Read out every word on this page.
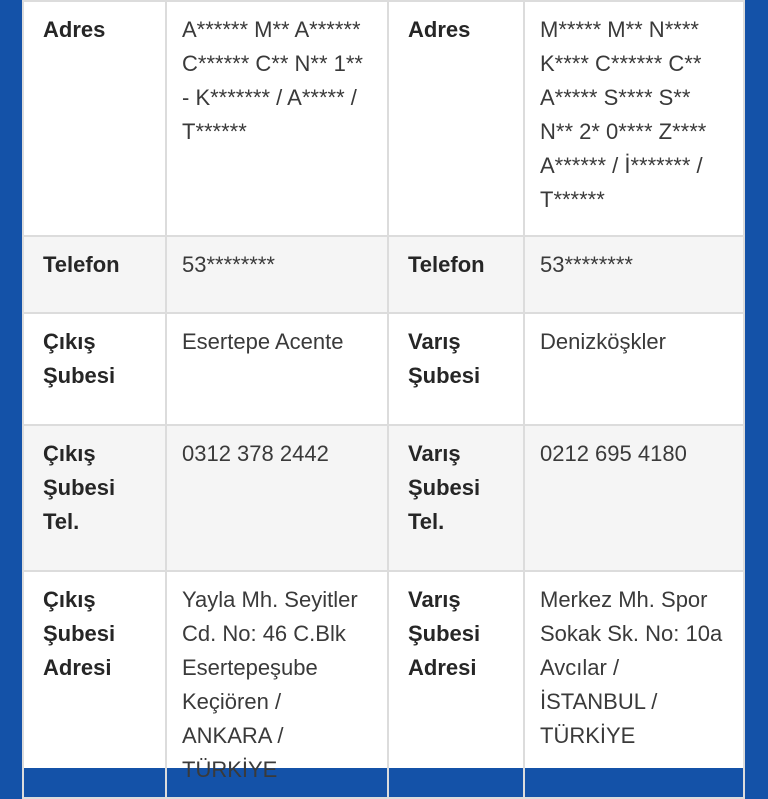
Adres	A****** M** A****** C****** C** N** 1** - K******* / A***** / T******	Adres	M***** M** N**** K**** C****** C** A***** S**** S** N** 2* 0**** Z**** A****** / İ******* / T******
Telefon	53********	Telefon	53********
Çıkış Şubesi	Esertepe Acente	Varış Şubesi	Denizköşkler
Çıkış Şubesi Tel.	0312 378 2442	Varış Şubesi Tel.	0212 695 4180
Çıkış Şubesi Adresi	Yayla Mh. Seyitler Cd. No: 46 C.Blk Esertepeşube Keçiören / ANKARA / TÜRKİYE	Varış Şubesi Adresi	Merkez Mh. Spor Sokak Sk. No: 10a Avcılar / İSTANBUL / TÜRKİYE
